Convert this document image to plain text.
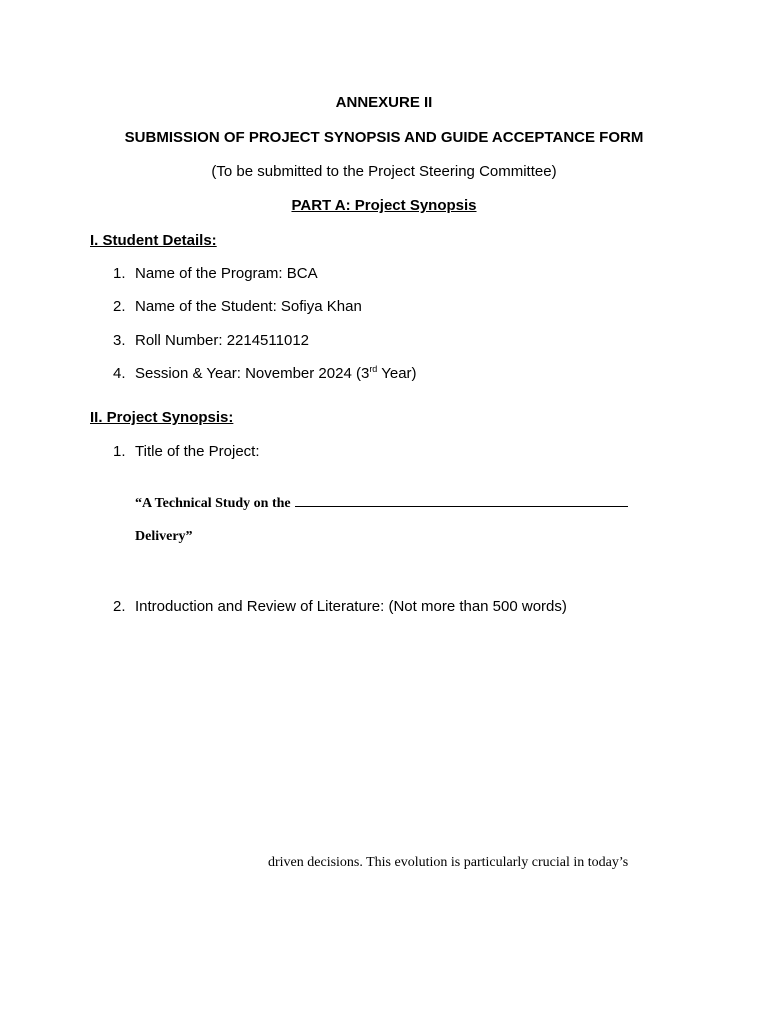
ANNEXURE II
SUBMISSION OF PROJECT SYNOPSIS AND GUIDE ACCEPTANCE FORM
(To be submitted to the Project Steering Committee)
PART A: Project Synopsis
I. Student Details:
1. Name of the Program: BCA
2. Name of the Student: Sofiya Khan
3. Roll Number: 2214511012
4. Session & Year: November 2024 (3rd Year)
II. Project Synopsis:
1. Title of the Project:
“A Technical Study on the
Delivery”
2. Introduction and Review of Literature: (Not more than 500 words)
driven decisions. This evolution is particularly crucial in today’s
